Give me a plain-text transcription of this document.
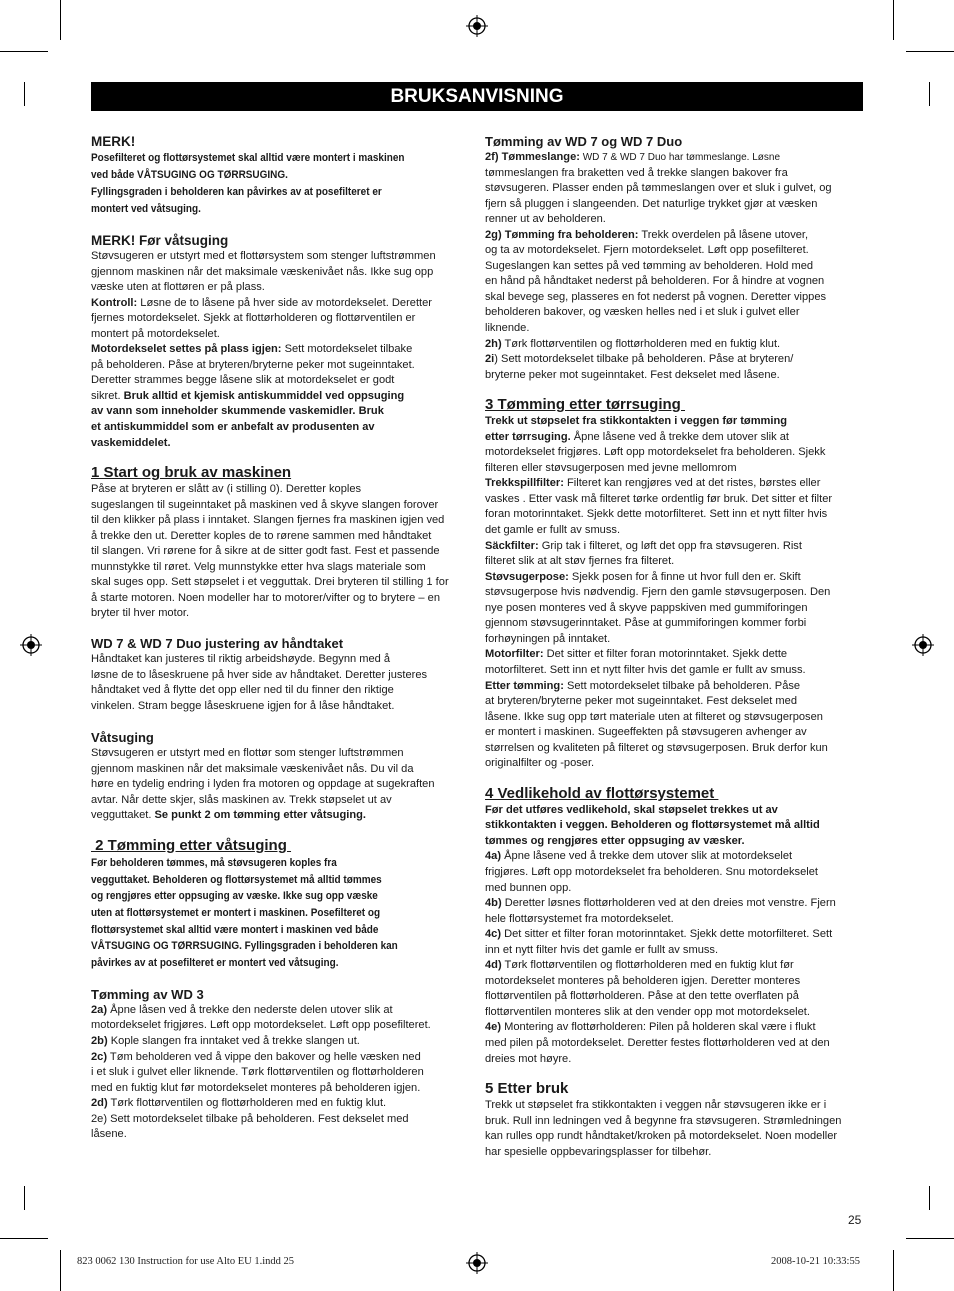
BRUKSANVISNING

MERK!

Posefilteret og flottørsystemet skal alltid være montert i maskinen
ved både VÅTSUGING OG TØRRSUGING.
Fyllingsgraden i beholderen kan påvirkes av at posefilteret er
montert ved våtsuging.

MERK! Før våtsuging

Støvsugeren er utstyrt med et flottørsystem som stenger luftstrømmen

gjennom maskinen når det maksimale væskenivået nås. Ikke sug opp

væske uten at flottøren er på plass.

Kontroll: Løsne de to låsene på hver side av motordekselet. Deretter

fjernes motordekselet. Sjekk at flottørholderen og flottørventilen er

montert på motordekselet.

Motordekselet settes på plass igjen: Sett motordekselet tilbake

på beholderen. Påse at bryteren/bryterne peker mot sugeinntaket.

Deretter strammes begge låsene slik at motordekselet er godt

sikret. Bruk alltid et kjemisk antiskummiddel ved oppsuging

av vann som inneholder skummende vaskemidler. Bruk

et antiskummiddel som er anbefalt av produsenten av

vaskemiddelet.

1 Start og bruk av maskinen

Påse at bryteren er slått av (i stilling 0). Deretter koples

sugeslangen til sugeinntaket på maskinen ved å skyve slangen forover

til den klikker på plass i inntaket. Slangen fjernes fra maskinen igjen ved

å trekke den ut. Deretter koples de to rørene sammen med håndtaket

til slangen. Vri rørene for å sikre at de sitter godt fast. Fest et passende

munnstykke til røret. Velg munnstykke etter hva slags materiale som

skal suges opp. Sett støpselet i et vegguttak. Drei bryteren til stilling 1 for

å starte motoren. Noen modeller har to motorer/vifter og to brytere – en

bryter til hver motor.

WD 7 & WD 7 Duo justering av håndtaket

Håndtaket kan justeres til riktig arbeidshøyde. Begynn med å

løsne de to låseskruene på hver side av håndtaket. Deretter justeres

håndtaket ved å flytte det opp eller ned til du finner den riktige

vinkelen. Stram begge låseskruene igjen for å låse håndtaket.

Våtsuging

Støvsugeren er utstyrt med en flottør som stenger luftstrømmen

gjennom maskinen når det maksimale væskenivået nås. Du vil da

høre en tydelig endring i lyden fra motoren og oppdage at sugekraften

avtar. Når dette skjer, slås maskinen av. Trekk støpselet ut av

vegguttaket. Se punkt 2 om tømming etter våtsuging.

2 Tømming etter våtsuging

Før beholderen tømmes, må støvsugeren koples fra
vegguttaket. Beholderen og flottørsystemet må alltid tømmes
og rengjøres etter oppsuging av væske. Ikke sug opp væske
uten at flottørsystemet er montert i maskinen. Posefilteret og
flottørsystemet skal alltid være montert i maskinen ved både
VÅTSUGING OG TØRRSUGING. Fyllingsgraden i beholderen kan
påvirkes av at posefilteret er montert ved våtsuging.

Tømming av WD 3

2a) Åpne låsen ved å trekke den nederste delen utover slik at

motordekselet frigjøres. Løft opp motordekselet. Løft opp posefilteret.

2b) Kople slangen fra inntaket ved å trekke slangen ut.

2c) Tøm beholderen ved å vippe den bakover og helle væsken ned

i et sluk i gulvet eller liknende. Tørk flottørventilen og flottørholderen

med en fuktig klut før motordekselet monteres på beholderen igjen.

2d) Tørk flottørventilen og flottørholderen med en fuktig klut.

2e) Sett motordekselet tilbake på beholderen. Fest dekselet med

låsene.

Tømming av WD 7 og WD 7 Duo

2f) Tømmeslange: WD 7 & WD 7 Duo har tømmeslange. Løsne

tømmeslangen fra braketten ved å trekke slangen bakover fra

støvsugeren. Plasser enden på tømmeslangen over et sluk i gulvet, og

fjern så pluggen i slangeenden. Det naturlige trykket gjør at væsken

renner ut av beholderen.

2g) Tømming fra beholderen: Trekk overdelen på låsene utover,

og ta av motordekselet. Fjern motordekselet. Løft opp posefilteret.

Sugeslangen kan settes på ved tømming av beholderen. Hold med

en hånd på håndtaket nederst på beholderen. For å hindre at vognen

skal bevege seg, plasseres en fot nederst på vognen. Deretter vippes

beholderen bakover, og væsken helles ned i et sluk i gulvet eller

liknende.

2h) Tørk flottørventilen og flottørholderen med en fuktig klut.

2i) Sett motordekselet tilbake på beholderen. Påse at bryteren/

bryterne peker mot sugeinntaket. Fest dekselet med låsene.

3 Tømming etter tørrsuging

Trekk ut støpselet fra stikkontakten i veggen før tømming

etter tørrsuging. Åpne låsene ved å trekke dem utover slik at

motordekselet frigjøres. Løft opp motordekselet fra beholderen. Sjekk

filteren eller støvsugerposen med jevne mellomrom

Trekkspillfilter: Filteret kan rengjøres ved at det ristes, børstes eller

vaskes . Etter vask må filteret tørke ordentlig før bruk. Det sitter et filter

foran motorinntaket. Sjekk dette motorfilteret. Sett inn et nytt filter hvis

det gamle er fullt av smuss.

Säckfilter: Grip tak i filteret, og løft det opp fra støvsugeren. Rist

filteret slik at alt støv fjernes fra filteret.

Støvsugerpose: Sjekk posen for å finne ut hvor full den er. Skift

støvsugerpose hvis nødvendig. Fjern den gamle støvsugerposen. Den

nye posen monteres ved å skyve pappskiven med gummiforingen

gjennom støvsugerinntaket. Påse at gummiforingen kommer forbi

forhøyningen på inntaket.

Motorfilter: Det sitter et filter foran motorinntaket. Sjekk dette

motorfilteret. Sett inn et nytt filter hvis det gamle er fullt av smuss.

Etter tømming: Sett motordekselet tilbake på beholderen. Påse

at bryteren/bryterne peker mot sugeinntaket. Fest dekselet med

låsene. Ikke sug opp tørt materiale uten at filteret og støvsugerposen

er montert i maskinen. Sugeeffekten på støvsugeren avhenger av

størrelsen og kvaliteten på filteret og støvsugerposen. Bruk derfor kun

originalfilter og -poser.

4 Vedlikehold av flottørsystemet

Før det utføres vedlikehold, skal støpselet trekkes ut av

stikkontakten i veggen. Beholderen og flottørsystemet må alltid

tømmes og rengjøres etter oppsuging av væsker.

4a) Åpne låsene ved å trekke dem utover slik at motordekselet

frigjøres. Løft opp motordekselet fra beholderen. Snu motordekselet

med bunnen opp.

4b) Deretter løsnes flottørholderen ved at den dreies mot venstre. Fjern

hele flottørsystemet fra motordekselet.

4c) Det sitter et filter foran motorinntaket. Sjekk dette motorfilteret. Sett

inn et nytt filter hvis det gamle er fullt av smuss.

4d) Tørk flottørventilen og flottørholderen med en fuktig klut før

motordekselet monteres på beholderen igjen. Deretter monteres

flottørventilen på flottørholderen. Påse at den tette overflaten på

flottørventilen monteres slik at den vender opp mot motordekselet.

4e) Montering av flottørholderen: Pilen på holderen skal være i flukt

med pilen på motordekselet. Deretter festes flottørholderen ved at den

dreies mot høyre.

5 Etter bruk

Trekk ut støpselet fra stikkontakten i veggen når støvsugeren ikke er i

bruk. Rull inn ledningen ved å begynne fra støvsugeren. Strømledningen

kan rulles opp rundt håndtaket/kroken på motordekselet. Noen modeller

har spesielle oppbevaringsplasser for tilbehør.

25
823 0062 130 Instruction for use Alto EU 1.indd 25	2008-10-21 10:33:55
